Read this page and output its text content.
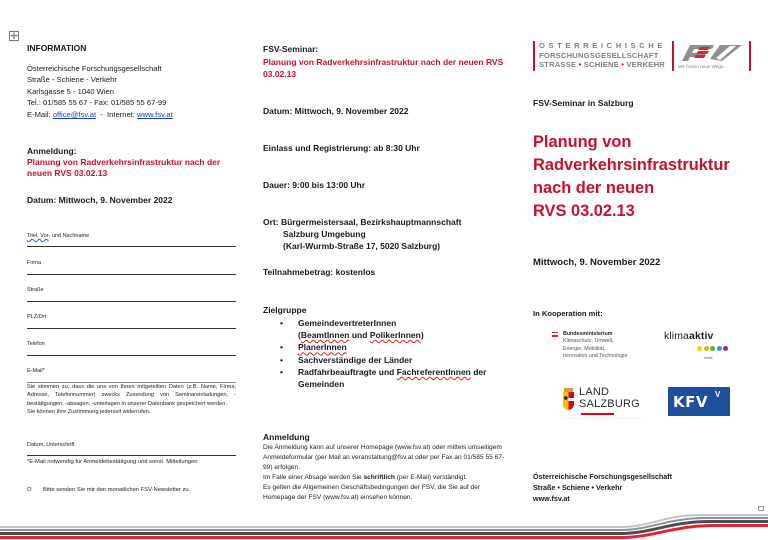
✛
INFORMATION
Österreichische Forschungsgesellschaft
Straße - Schiene - Verkehr
Karlsgasse 5 - 1040 Wien
Tel.: 01/585 55 67 - Fax: 01/585 55 67-99
E-Mail: office@fsv.at  -  Internet: www.fsv.at
Anmeldung:
Planung von Radverkehrsinfrastruktur nach der neuen RVS 03.02.13
Datum: Mittwoch, 9. November 2022
Titel, Vor- und Nachname
Firma
Straße
PLZ/Ort
Telefon
E-Mail*
Sie stimmen zu, dass die uns von Ihnen mitgeteilten Daten (z.B. Name, Firma, Adresse, Telefonnummer) zwecks Zusendung von Seminareinladungen, -bestätigungen, -absagen, -unterlagen in unserer Datenbank gespeichert werden.
Sie können Ihre Zustimmung jederzeit widerrufen.
Datum, Unterschrift
*E-Mail notwendig für Anmeldebestätigung und sonst. Mitteilungen
O Bitte senden Sie mir den monatlichen FSV-Newsletter zu.
FSV-Seminar:
Planung von Radverkehrsinfrastruktur nach der neuen RVS 03.02.13
Datum: Mittwoch, 9. November 2022
Einlass und Registrierung: ab 8:30 Uhr
Dauer: 9:00 bis 13:00 Uhr
Ort: Bürgermeistersaal, Bezirkshauptmannschaft
Salzburg Umgebung
(Karl-Wurmb-Straße 17, 5020 Salzburg)
Teilnahmebetrag: kostenlos
Zielgruppe
• GemeindevertreterInnen
(BeamtInnen und PolikerInnen)
• PlanerInnen
• Sachverständige der Länder
• Radfahrbeauftragte und FachreferentInnen der Gemeinden
Anmeldung
Die Anmeldung kann auf unserer Homepage (www.fsv.at) oder mittels umseitigem Anmeldeformular (per Mail an veranstaltung@fsv.at oder per Fax an 01/585 55 67-99) erfolgen.
Im Falle einer Absage werden Sie schriftlich (per E-Mail) verständigt.
Es gelten die Allgemeinen Geschäftsbedingungen der FSV, die Sie auf der Homepage der FSV (www.fsv.at) einsehen können.
ÖSTERREICHISCHE
FORSCHUNGSGESELLSCHAFT
STRASSE • SCHIENE • VERKEHR	Wir finden neue Wege.
FSV-Seminar in Salzburg
Planung von
Radverkehrsinfrastruktur
nach der neuen
RVS 03.02.13
Mittwoch, 9. November 2022
In Kooperation mit:
Bundesministerium
Klimaschutz, Umwelt,
Energie, Mobilität,
Innovation und Technologie
klimaaktiv
mobil
LAND
SALZBURG KFV V
Österreichische Forschungsgesellschaft
Straße • Schiene • Verkehr
www.fsv.at
